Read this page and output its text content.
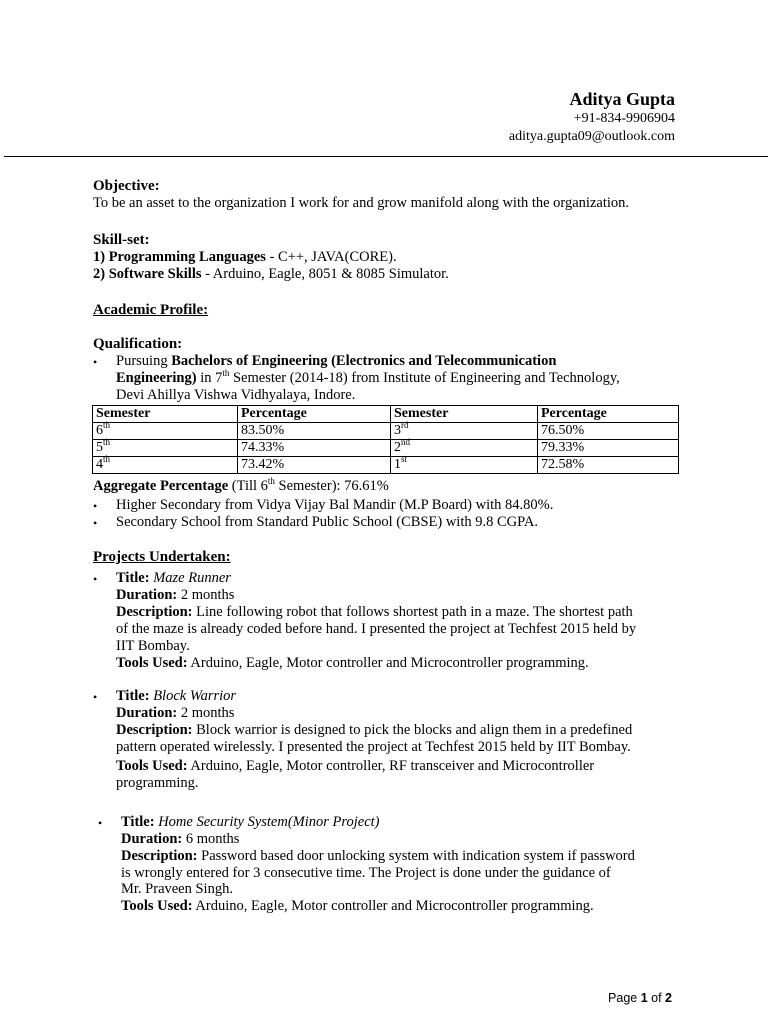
Aditya Gupta
+91-834-9906904
aditya.gupta09@outlook.com
Objective:
To be an asset to the organization I work for and grow manifold along with the organization.
Skill-set:
1) Programming Languages - C++, JAVA(CORE).
2) Software Skills - Arduino, Eagle, 8051 & 8085 Simulator.
Academic Profile:
Qualification:
• Pursuing Bachelors of Engineering (Electronics and Telecommunication
Engineering) in 7th Semester (2014-18) from Institute of Engineering and Technology,
Devi Ahillya Vishwa Vidhyalaya, Indore.
Semester	Percentage	Semester	Percentage
6th	83.50%	3rd	76.50%
5th	74.33%	2nd	79.33%
4th	73.42%	1st	72.58%
Aggregate Percentage (Till 6th Semester): 76.61%
• Higher Secondary from Vidya Vijay Bal Mandir (M.P Board) with 84.80%.
• Secondary School from Standard Public School (CBSE) with 9.8 CGPA.
Projects Undertaken:
• Title: Maze Runner
Duration: 2 months
Description: Line following robot that follows shortest path in a maze. The shortest path
of the maze is already coded before hand. I presented the project at Techfest 2015 held by
IIT Bombay.
Tools Used: Arduino, Eagle, Motor controller and Microcontroller programming.
• Title: Block Warrior
Duration: 2 months
Description: Block warrior is designed to pick the blocks and align them in a predefined
pattern operated wirelessly. I presented the project at Techfest 2015 held by IIT Bombay.
Tools Used: Arduino, Eagle, Motor controller, RF transceiver and Microcontroller
programming.
• Title: Home Security System(Minor Project)
Duration: 6 months
Description: Password based door unlocking system with indication system if password
is wrongly entered for 3 consecutive time. The Project is done under the guidance of
Mr. Praveen Singh.
Tools Used: Arduino, Eagle, Motor controller and Microcontroller programming.
Page 1 of 2
